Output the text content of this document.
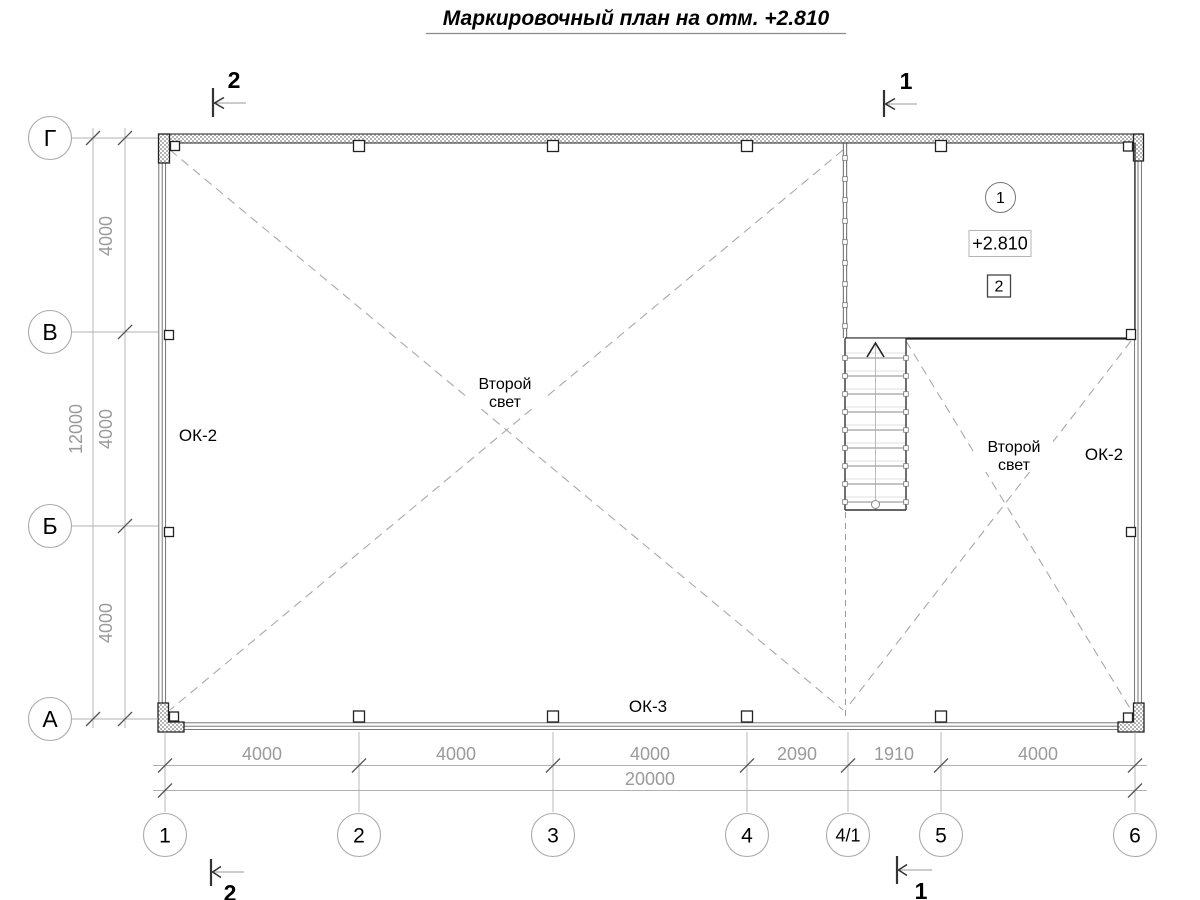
Маркировочный план на отм. +2.810
1
+2.810
2
Второй
свет
Второй
свет
ОК-2
ОК-2
ОК-3
4000
4000
4000
12000
4000	4000	4000	2090	1910	4000
20000
Г
В
Б
А
1	2	3	4	4/1	5	6
2	1
2	1
